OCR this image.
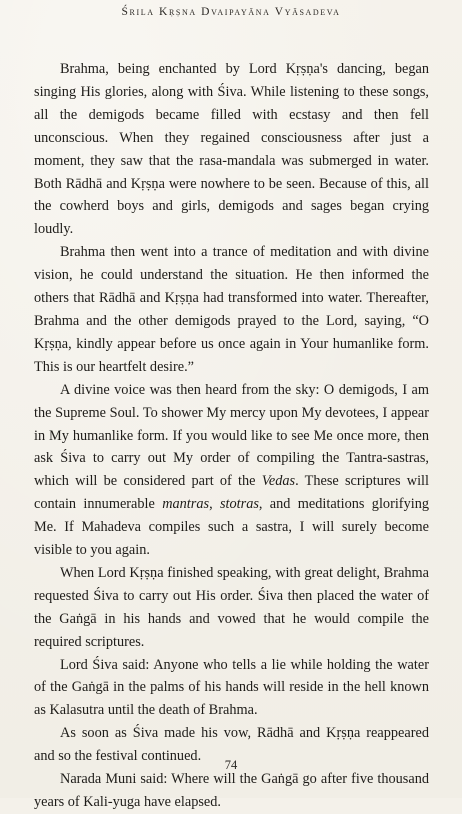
Śrila Kṛṣna Dvaipayāna Vyāsadeva

Brahma, being enchanted by Lord Kṛṣṇa's dancing, began singing His glories, along with Śiva. While listening to these songs, all the demigods became filled with ecstasy and then fell unconscious. When they regained consciousness after just a moment, they saw that the rasa-mandala was submerged in water. Both Rādhā and Kṛṣṇa were nowhere to be seen. Because of this, all the cowherd boys and girls, demigods and sages began crying loudly.

Brahma then went into a trance of meditation and with divine vision, he could understand the situation. He then informed the others that Rādhā and Kṛṣṇa had transformed into water. Thereafter, Brahma and the other demigods prayed to the Lord, saying, “O Kṛṣṇa, kindly appear before us once again in Your humanlike form. This is our heartfelt desire.”

A divine voice was then heard from the sky: O demigods, I am the Supreme Soul. To shower My mercy upon My devotees, I appear in My humanlike form. If you would like to see Me once more, then ask Śiva to carry out My order of compiling the Tantra-sastras, which will be considered part of the Vedas. These scriptures will contain innumerable mantras, stotras, and meditations glorifying Me. If Mahadeva compiles such a sastra, I will surely become visible to you again.

When Lord Kṛṣṇa finished speaking, with great delight, Brahma requested Śiva to carry out His order. Śiva then placed the water of the Gaṅgā in his hands and vowed that he would compile the required scriptures.

Lord Śiva said: Anyone who tells a lie while holding the water of the Gaṅgā in the palms of his hands will reside in the hell known as Kalasutra until the death of Brahma.

As soon as Śiva made his vow, Rādhā and Kṛṣṇa reappeared and so the festival continued.

Narada Muni said: Where will the Gaṅgā go after five thousand years of Kali-yuga have elapsed.

74
